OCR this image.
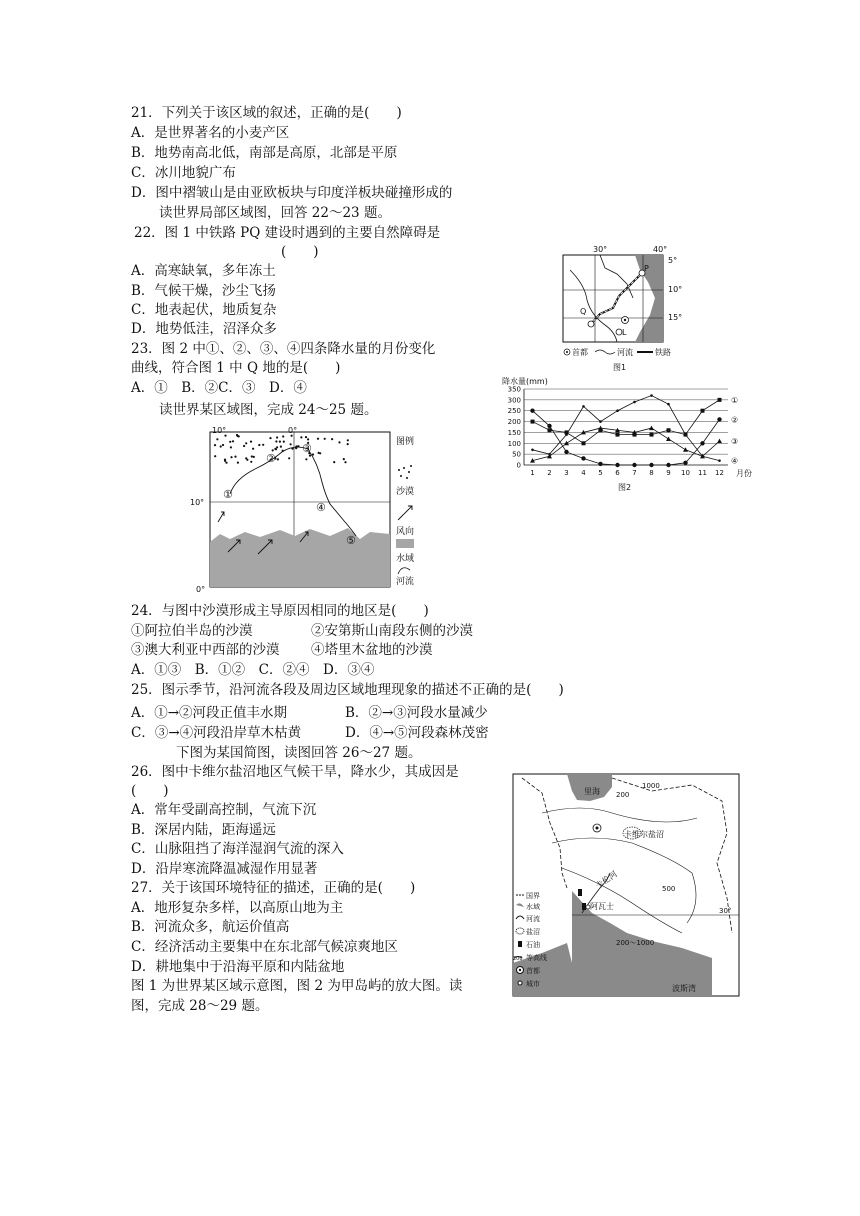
21．下列关于该区域的叙述，正确的是(　　)
A．是世界著名的小麦产区
B．地势南高北低，南部是高原，北部是平原
C．冰川地貌广布
D．图中褶皱山是由亚欧板块与印度洋板块碰撞形成的
读世界局部区域图，回答 22～23 题。
22．图 1 中铁路 PQ 建设时遇到的主要自然障碍是
(　　)
A．高寒缺氧，多年冻土
B．气候干燥，沙尘飞扬
C．地表起伏，地质复杂
D．地势低洼，沼泽众多
23．图 2 中①、②、③、④四条降水量的月份变化
曲线，符合图 1 中 Q 地的是(　　)
A．①　B．②C．③　D．④
读世界某区域图，完成 24～25 题。
24．与图中沙漠形成主导原因相同的地区是(　　)
①阿拉伯半岛的沙漠	②安第斯山南段东侧的沙漠
③澳大利亚中西部的沙漠 ④塔里木盆地的沙漠
A．①③　B．①②　C．②④　D．③④
25．图示季节，沿河流各段及周边区域地理现象的描述不正确的是(　　)
A．①→②河段正值丰水期	B．②→③河段水量减少
C．③→④河段沿岸草木枯黄	D．④→⑤河段森林茂密
下图为某国简图，读图回答 26～27 题。
26．图中卡维尔盐沼地区气候干旱，降水少，其成因是
(　　)
A．常年受副高控制，气流下沉
B．深居内陆，距海遥远
C．山脉阻挡了海洋湿润气流的深入
D．沿岸寒流降温减湿作用显著
27．关于该国环境特征的描述，正确的是(　　)
A．地形复杂多样，以高原山地为主
B．河流众多，航运价值高
C．经济活动主要集中在东北部气候凉爽地区
D．耕地集中于沿海平原和内陆盆地
图 1 为世界某区域示意图，图 2 为甲岛屿的放大图。读
图，完成 28～29 题。
30°	40°
5°
10°
15°
P
Q
L
首都	河流	铁路
图1
降水量(mm)
月份
图2
0
50
100
150
200
250
300
350
1 2 3 4 5 6 7 8 9 10 11 12
①
②
③
④
①
②
③
④
⑤
10°	0°
10°
0°
图例
沙漠
风向
水域
河流
里海
卡维尔盐沼
波斯湾
卡伦河
阿瓦士
200
1000
500
200～1000
30°
国界
水域
河流
盐沼
石油
200 等高线
首都
城市
